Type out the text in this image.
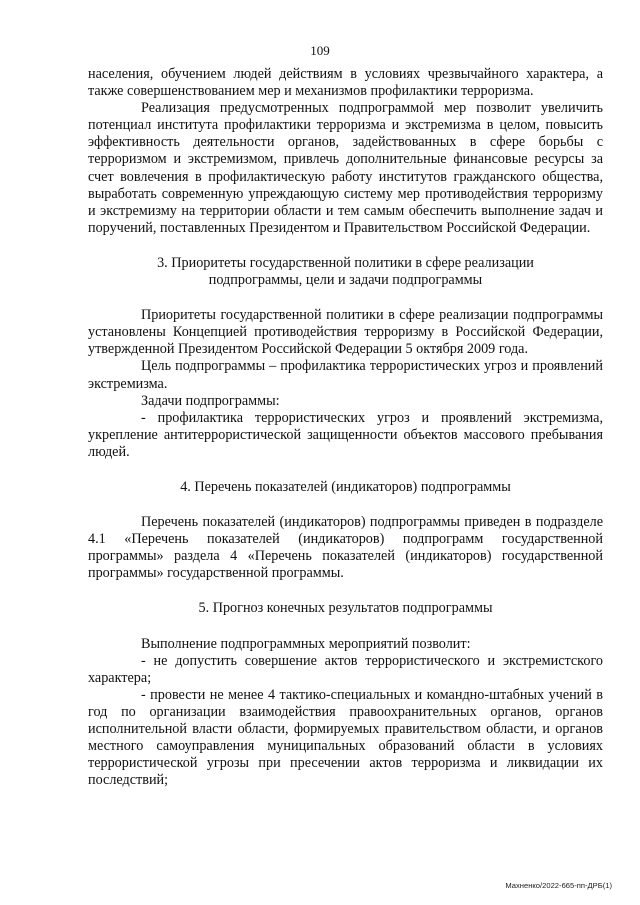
109

населения, обучением людей действиям в условиях чрезвычайного характера, а также совершенствованием мер и механизмов профилактики терроризма.

Реализация предусмотренных подпрограммой мер позволит увеличить потенциал института профилактики терроризма и экстремизма в целом, повысить эффективность деятельности органов, задействованных в сфере борьбы с терроризмом и экстремизмом, привлечь дополнительные финансовые ресурсы за счет вовлечения в профилактическую работу институтов гражданского общества, выработать современную упреждающую систему мер противодействия терроризму и экстремизму на территории области и тем самым обеспечить выполнение задач и поручений, поставленных Президентом и Правительством Российской Федерации.

3. Приоритеты государственной политики в сфере реализации
подпрограммы, цели и задачи подпрограммы

Приоритеты государственной политики в сфере реализации подпрограммы установлены Концепцией противодействия терроризму в Российской Федерации, утвержденной Президентом Российской Федерации 5 октября 2009 года.

Цель подпрограммы – профилактика террористических угроз и проявлений экстремизма.

Задачи подпрограммы:

- профилактика террористических угроз и проявлений экстремизма, укрепление антитеррористической защищенности объектов массового пребывания людей.

4. Перечень показателей (индикаторов) подпрограммы

Перечень показателей (индикаторов) подпрограммы приведен в подразделе 4.1 «Перечень показателей (индикаторов) подпрограмм государственной программы» раздела 4 «Перечень показателей (индикаторов) государственной программы» государственной программы.

5. Прогноз конечных результатов подпрограммы

Выполнение подпрограммных мероприятий позволит:

- не допустить совершение актов террористического и экстремистского характера;

- провести не менее 4 тактико-специальных и командно-штабных учений в год по организации взаимодействия правоохранительных органов, органов исполнительной власти области, формируемых правительством области, и органов местного самоуправления муниципальных образований области в условиях террористической угрозы при пресечении актов терроризма и ликвидации их последствий;

Махненко/2022-665-пп-ДРБ(1)
